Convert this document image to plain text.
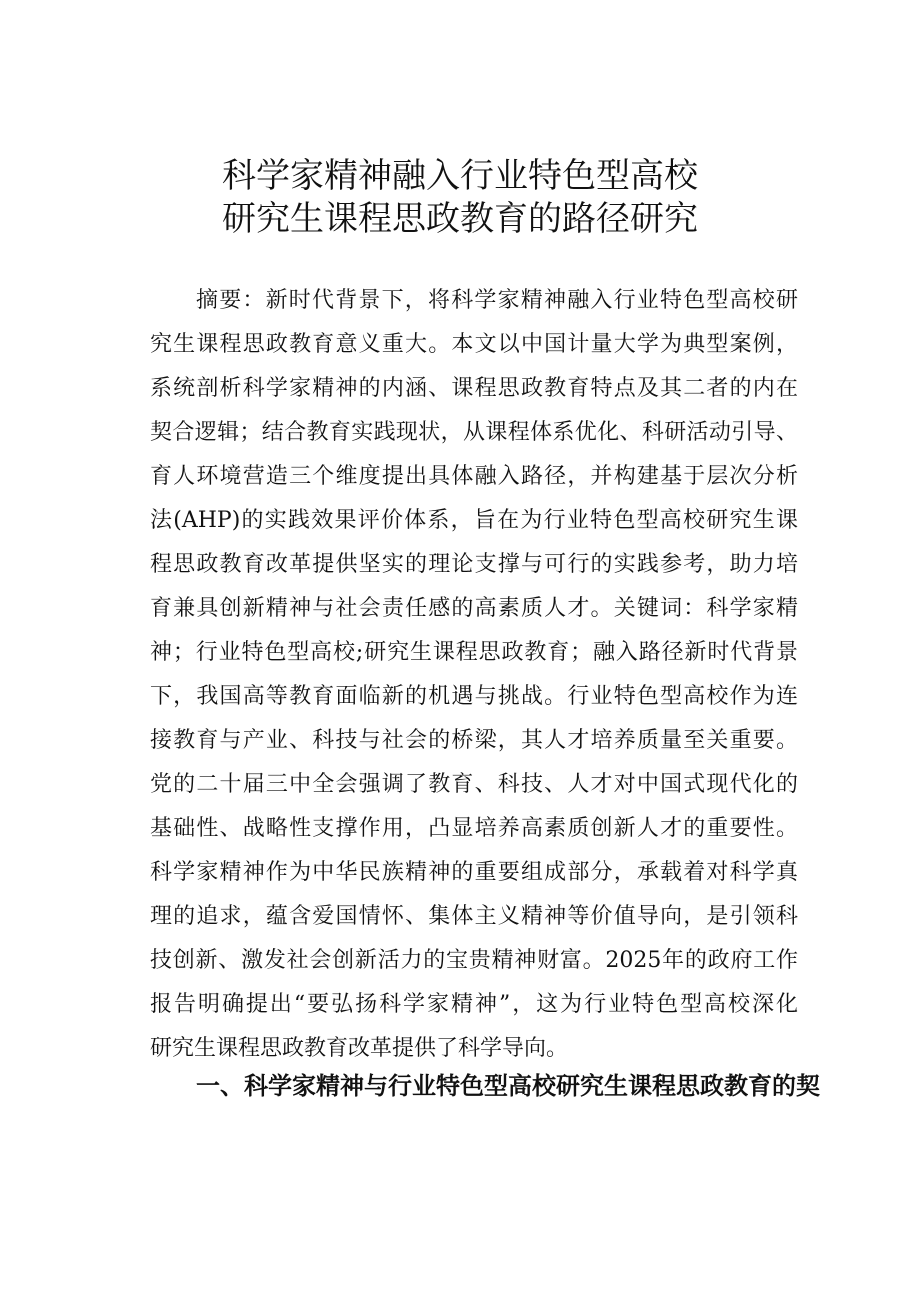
科学家精神融入行业特色型高校
研究生课程思政教育的路径研究

摘要：新时代背景下，将科学家精神融入行业特色型高校研

究生课程思政教育意义重大。本文以中国计量大学为典型案例，

系统剖析科学家精神的内涵、课程思政教育特点及其二者的内在

契合逻辑；结合教育实践现状，从课程体系优化、科研活动引导、

育人环境营造三个维度提出具体融入路径，并构建基于层次分析

法(AHP)的实践效果评价体系，旨在为行业特色型高校研究生课

程思政教育改革提供坚实的理论支撑与可行的实践参考，助力培

育兼具创新精神与社会责任感的高素质人才。关键词：科学家精

神；行业特色型高校;研究生课程思政教育；融入路径新时代背景

下，我国高等教育面临新的机遇与挑战。行业特色型高校作为连

接教育与产业、科技与社会的桥梁，其人才培养质量至关重要。

党的二十届三中全会强调了教育、科技、人才对中国式现代化的

基础性、战略性支撑作用，凸显培养高素质创新人才的重要性。

科学家精神作为中华民族精神的重要组成部分，承载着对科学真

理的追求，蕴含爱国情怀、集体主义精神等价值导向，是引领科

技创新、激发社会创新活力的宝贵精神财富。2025年的政府工作

报告明确提出“要弘扬科学家精神”，这为行业特色型高校深化

研究生课程思政教育改革提供了科学导向。

一、科学家精神与行业特色型高校研究生课程思政教育的契
